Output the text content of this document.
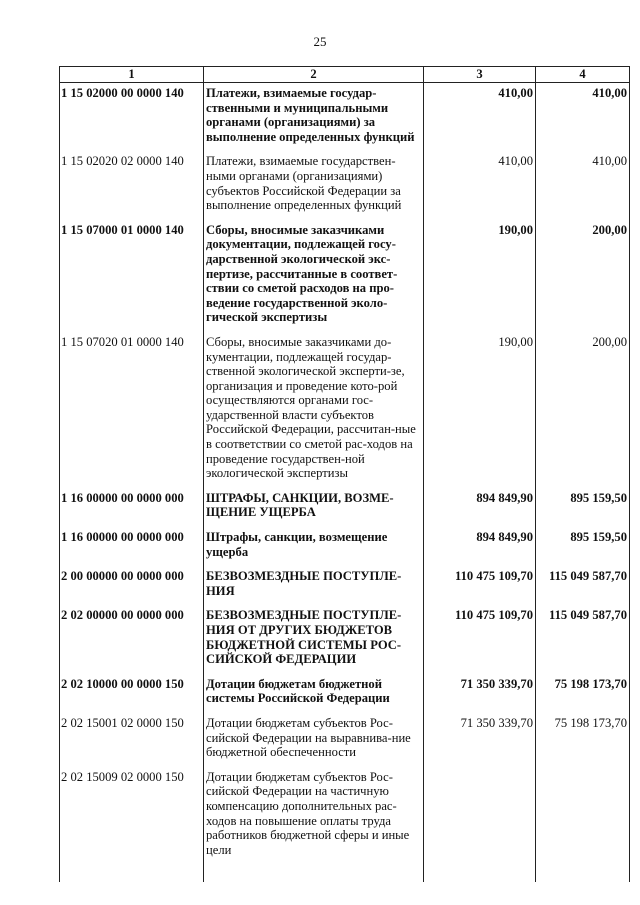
25
1	2	3	4
1 15 02000 00 0000 140	Платежи, взимаемые государ-ственными и муниципальными органами (организациями) за выполнение определенных функций	410,00	410,00
1 15 02020 02 0000 140	Платежи, взимаемые государствен-ными органами (организациями) субъектов Российской Федерации за выполнение определенных функций	410,00	410,00
1 15 07000 01 0000 140	Сборы, вносимые заказчиками документации, подлежащей госу-дарственной экологической экс-пертизе, рассчитанные в соответ-ствии со сметой расходов на про-ведение государственной эколо-гической экспертизы	190,00	200,00
1 15 07020 01 0000 140	Сборы, вносимые заказчиками до-кументации, подлежащей государ-ственной экологической эксперти-зе, организация и проведение кото-рой осуществляются органами гос-ударственной власти субъектов Российской Федерации, рассчитан-ные в соответствии со сметой рас-ходов на проведение государствен-ной экологической экспертизы	190,00	200,00
1 16 00000 00 0000 000	ШТРАФЫ, САНКЦИИ, ВОЗМЕ-ЩЕНИЕ УЩЕРБА	894 849,90	895 159,50
1 16 00000 00 0000 000	Штрафы, санкции, возмещение ущерба	894 849,90	895 159,50
2 00 00000 00 0000 000	БЕЗВОЗМЕЗДНЫЕ ПОСТУПЛЕ-НИЯ	110 475 109,70	115 049 587,70
2 02 00000 00 0000 000	БЕЗВОЗМЕЗДНЫЕ ПОСТУПЛЕ-НИЯ ОТ ДРУГИХ БЮДЖЕТОВ БЮДЖЕТНОЙ СИСТЕМЫ РОС-СИЙСКОЙ ФЕДЕРАЦИИ	110 475 109,70	115 049 587,70
2 02 10000 00 0000 150	Дотации бюджетам бюджетной системы Российской Федерации	71 350 339,70	75 198 173,70
2 02 15001 02 0000 150	Дотации бюджетам субъектов Рос-сийской Федерации на выравнива-ние бюджетной обеспеченности	71 350 339,70	75 198 173,70
2 02 15009 02 0000 150	Дотации бюджетам субъектов Рос-сийской Федерации на частичную компенсацию дополнительных рас-ходов на повышение оплаты труда работников бюджетной сферы и иные цели		
